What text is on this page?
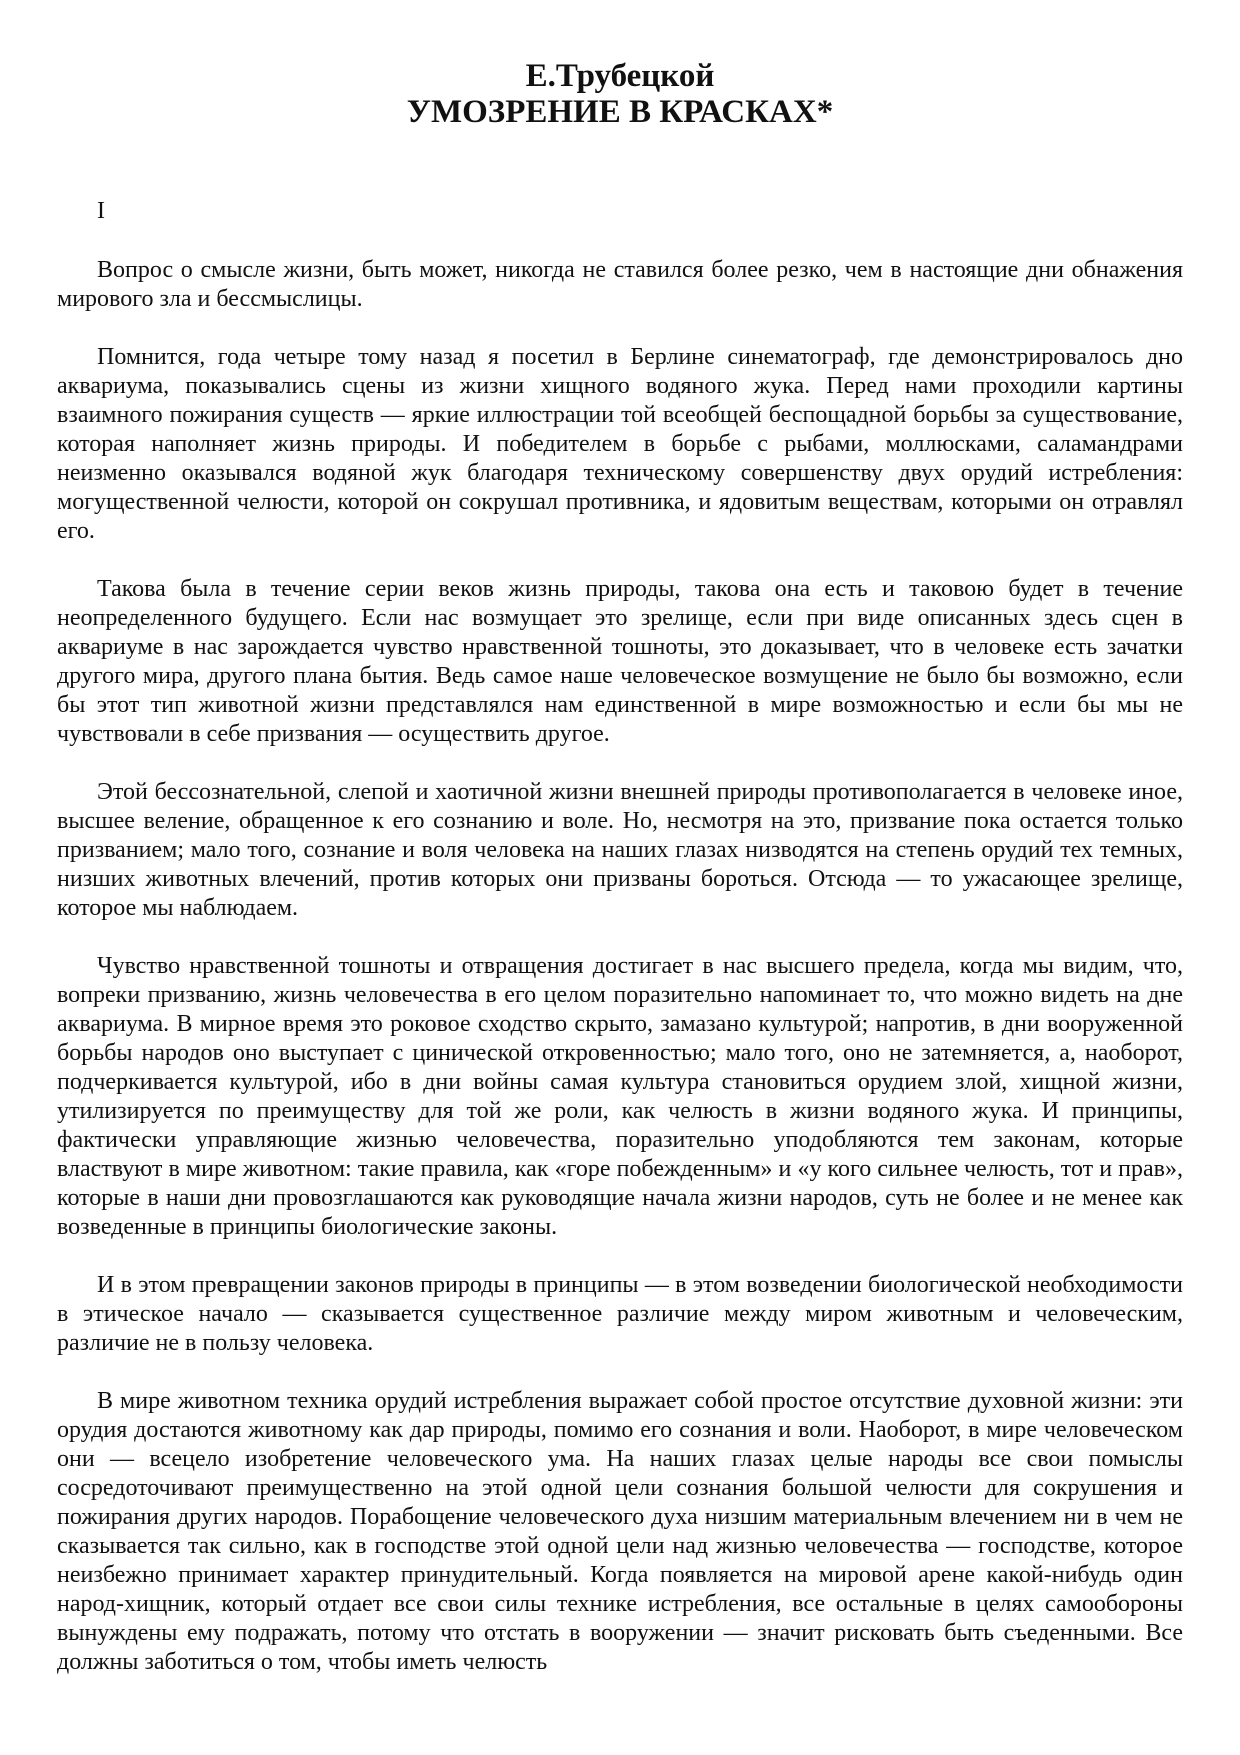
Е.Трубецкой
УМОЗРЕНИЕ В КРАСКАХ*
I

Вопрос о смысле жизни, быть может, никогда не ставился более резко, чем в настоящие дни обнажения мирового зла и бессмыслицы.

Помнится, года четыре тому назад я посетил в Берлине синематограф, где демонстрировалось дно аквариума, показывались сцены из жизни хищного водяного жука. Перед нами проходили картины взаимного пожирания существ — яркие иллюстрации той всеобщей беспощадной борьбы за существование, которая наполняет жизнь природы. И победителем в борьбе с рыбами, моллюсками, саламандрами неизменно оказывался водяной жук благодаря техническому совершенству двух орудий истребления: могущественной челюсти, которой он сокрушал противника, и ядовитым веществам, которыми он отравлял его.

Такова была в течение серии веков жизнь природы, такова она есть и таковою будет в течение неопределенного будущего. Если нас возмущает это зрелище, если при виде описанных здесь сцен в аквариуме в нас зарождается чувство нравственной тошноты, это доказывает, что в человеке есть зачатки другого мира, другого плана бытия. Ведь самое наше человеческое возмущение не было бы возможно, если бы этот тип животной жизни представлялся нам единственной в мире возможностью и если бы мы не чувствовали в себе призвания — осуществить другое.

Этой бессознательной, слепой и хаотичной жизни внешней природы противополагается в человеке иное, высшее веление, обращенное к его сознанию и воле. Но, несмотря на это, призвание пока остается только призванием; мало того, сознание и воля человека на наших глазах низводятся на степень орудий тех темных, низших животных влечений, против которых они призваны бороться. Отсюда — то ужасающее зрелище, которое мы наблюдаем.

Чувство нравственной тошноты и отвращения достигает в нас высшего предела, когда мы видим, что, вопреки призванию, жизнь человечества в его целом поразительно напоминает то, что можно видеть на дне аквариума. В мирное время это роковое сходство скрыто, замазано культурой; напротив, в дни вооруженной борьбы народов оно выступает с цинической откровенностью; мало того, оно не затемняется, а, наоборот, подчеркивается культурой, ибо в дни войны самая культура становиться орудием злой, хищной жизни, утилизируется по преимуществу для той же роли, как челюсть в жизни водяного жука. И принципы, фактически управляющие жизнью человечества, поразительно уподобляются тем законам, которые властвуют в мире животном: такие правила, как «горе побежденным» и «у кого сильнее челюсть, тот и прав», которые в наши дни провозглашаются как руководящие начала жизни народов, суть не более и не менее как возведенные в принципы биологические законы.

И в этом превращении законов природы в принципы — в этом возведении биологической необходимости в этическое начало — сказывается существенное различие между миром животным и человеческим, различие не в пользу человека.

В мире животном техника орудий истребления выражает собой простое отсутствие духовной жизни: эти орудия достаются животному как дар природы, помимо его сознания и воли. Наоборот, в мире человеческом они — всецело изобретение человеческого ума. На наших глазах целые народы все свои помыслы сосредоточивают преимущественно на этой одной цели сознания большой челюсти для сокрушения и пожирания других народов. Порабощение человеческого духа низшим материальным влечением ни в чем не сказывается так сильно, как в господстве этой одной цели над жизнью человечества — господстве, которое неизбежно принимает характер принудительный. Когда появляется на мировой арене какой-нибудь один народ-хищник, который отдает все свои силы технике истребления, все остальные в целях самообороны вынуждены ему подражать, потому что отстать в вооружении — значит рисковать быть съеденными. Все должны заботиться о том, чтобы иметь челюсть
